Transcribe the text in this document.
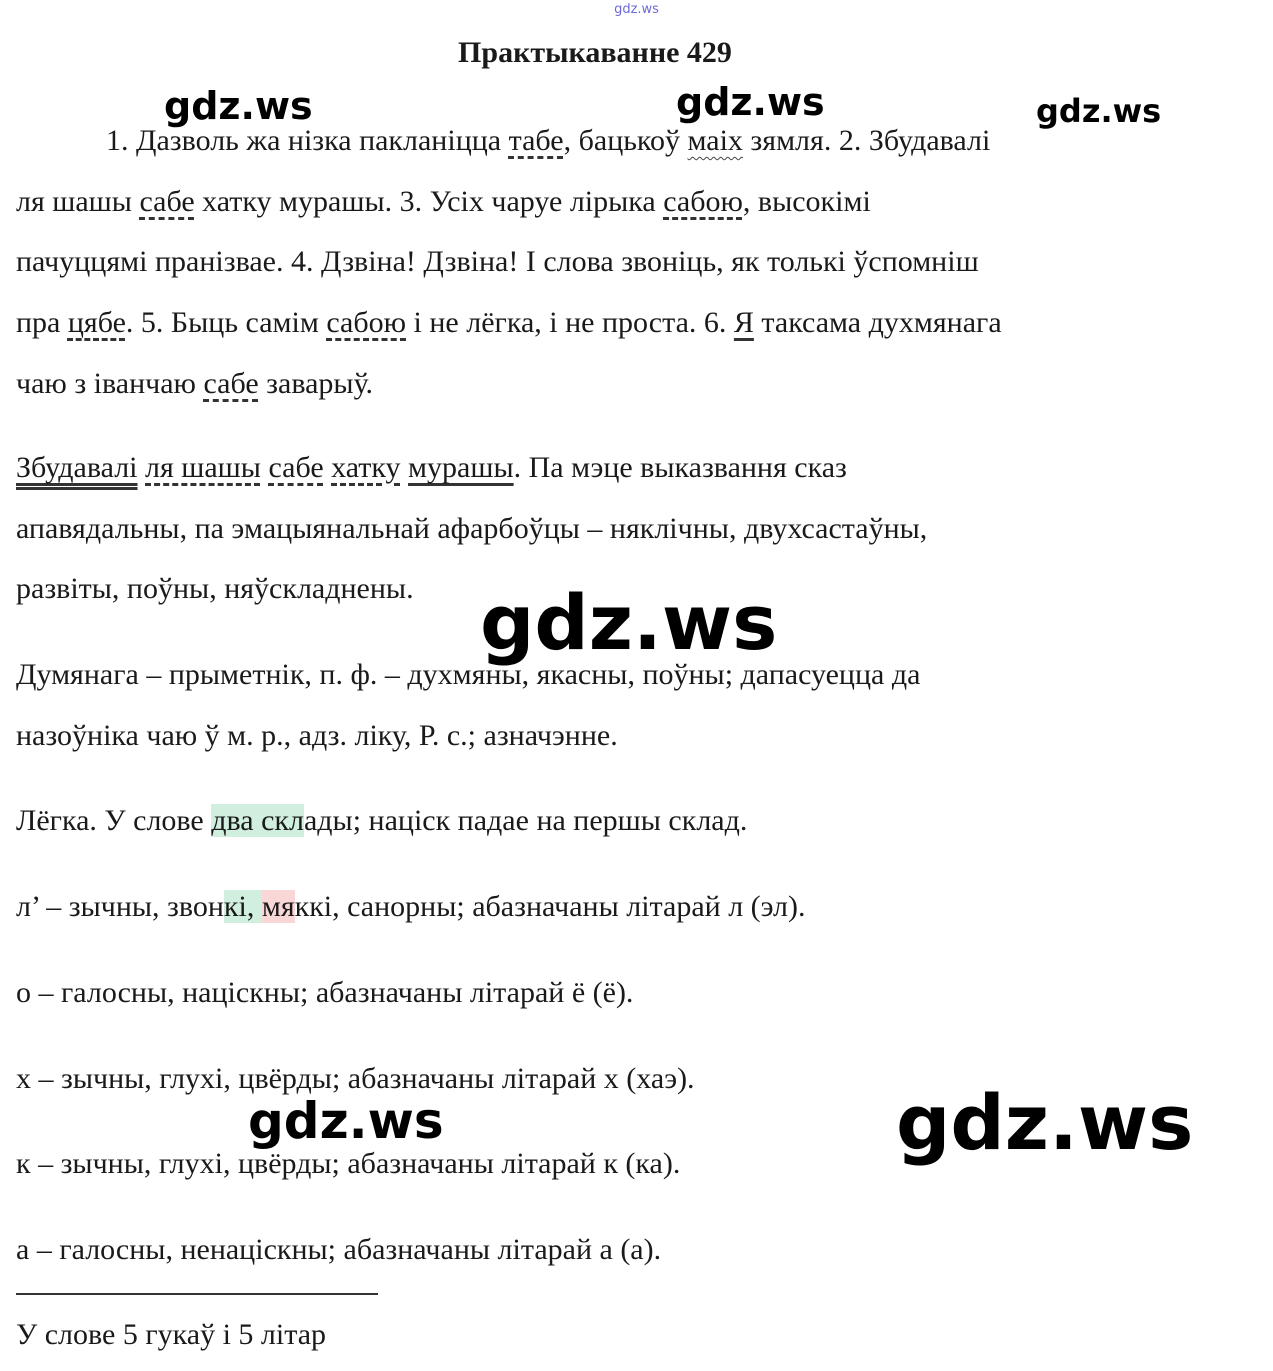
gdz.ws
Практыкаванне 429
gdz.ws	gdz.ws	gdz.ws
gdz.ws
gdz.ws	gdz.ws
1. Дазволь жа нізка пакланіцца табе, бацькоў маіх зямля. 2. Збудавалі
ля шашы сабе хатку мурашы. 3. Усіх чаруе лірыка сабою, высокімі
пачуццямі пранізвае. 4. Дзвіна! Дзвіна! І слова звоніць, як толькі ўспомніш
пра цябе. 5. Быць самім сабою і не лёгка, і не проста. 6. Я таксама духмянага
чаю з іванчаю сабе заварыў.
Збудавалі ля шашы сабе хатку мурашы. Па мэце выказвання сказ
апавядальны, па эмацыянальнай афарбоўцы – няклічны, двухсастаўны,
развіты, поўны, няўскладнены.
Думянага – прыметнік, п. ф. – духмяны, якасны, поўны; дапасуецца да
назоўніка чаю ў м. р., адз. ліку, Р. с.; азначэнне.
Лёгка. У слове два склады; націск падае на першы склад.
л’ – зычны, звонкі, мяккі, санорны; абазначаны літарай л (эл).
о – галосны, націскны; абазначаны літарай ё (ё).
х – зычны, глухі, цвёрды; абазначаны літарай х (хаэ).
к – зычны, глухі, цвёрды; абазначаны літарай к (ка).
а – галосны, ненаціскны; абазначаны літарай а (а).
У слове 5 гукаў і 5 літар
